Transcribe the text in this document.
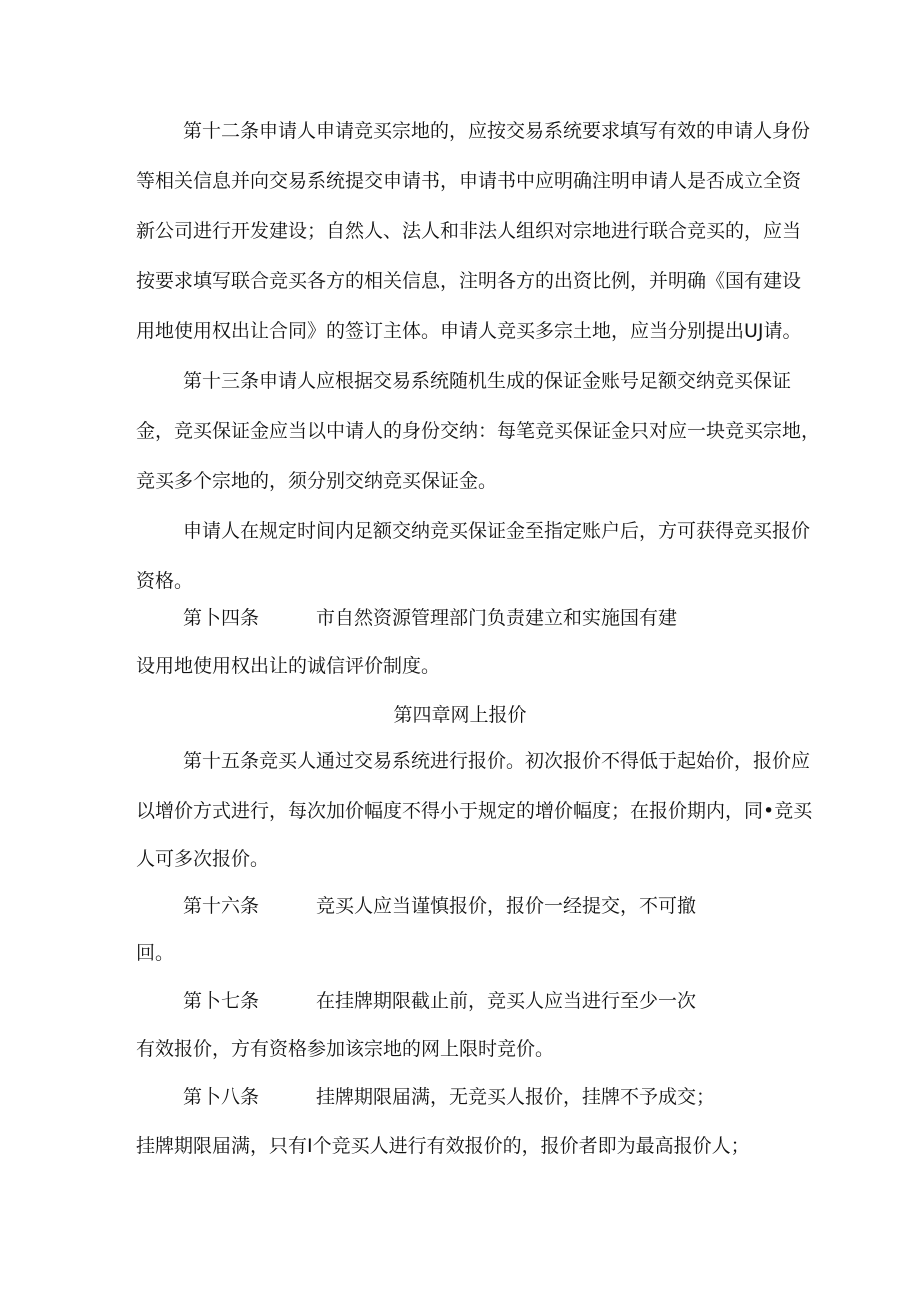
第十二条申请人申请竞买宗地的，应按交易系统要求填写有效的申请人身份
等相关信息并向交易系统提交申请书，申请书中应明确注明申请人是否成立全资
新公司进行开发建设；自然人、法人和非法人组织对宗地进行联合竞买的，应当
按要求填写联合竞买各方的相关信息，注明各方的出资比例，并明确《国有建设
用地使用权出让合同》的签订主体。申请人竞买多宗土地，应当分别提出UJ请。
第十三条申请人应根据交易系统随机生成的保证金账号足额交纳竞买保证
金，竞买保证金应当以中请人的身份交纳：每笔竞买保证金只对应一块竞买宗地，
竞买多个宗地的，须分别交纳竞买保证金。
申请人在规定时间内足额交纳竞买保证金至指定账户后，方可获得竞买报价
资格。
第卜四条	市自然资源管理部门负责建立和实施国有建
设用地使用权出让的诚信评价制度。
第四章网上报价
第十五条竞买人通过交易系统进行报价。初次报价不得低于起始价，报价应
以增价方式进行，每次加价幅度不得小于规定的增价幅度；在报价期内，同•竞买
人可多次报价。
第十六条	竞买人应当谨慎报价，报价一经提交，不可撤
回。
第卜七条	在挂牌期限截止前，竞买人应当进行至少一次
有效报价，方有资格参加该宗地的网上限时竞价。
第卜八条	挂牌期限届满，无竞买人报价，挂牌不予成交；
挂牌期限届满，只有I个竞买人进行有效报价的，报价者即为最高报价人；
